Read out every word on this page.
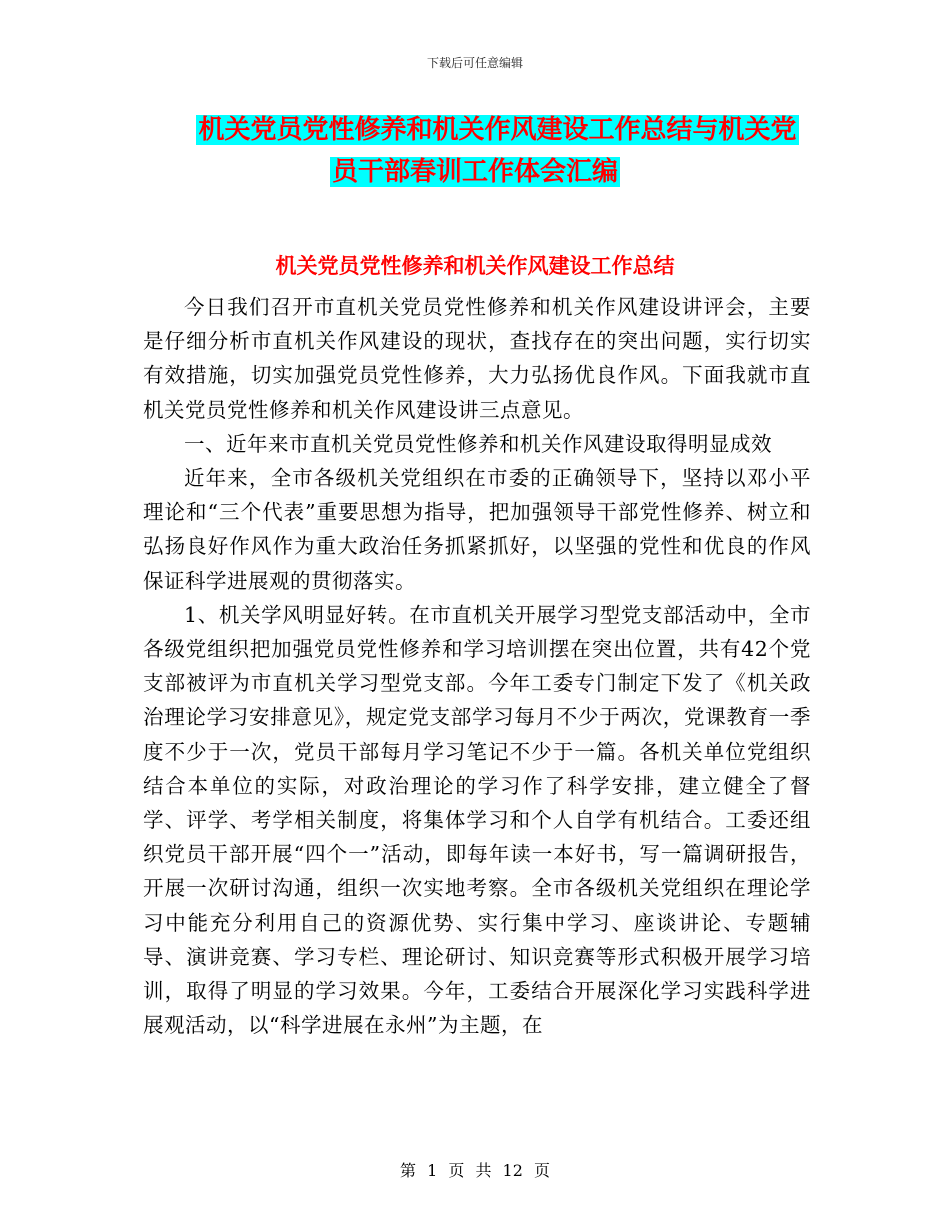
下载后可任意编辑
机关党员党性修养和机关作风建设工作总结与机关党
员干部春训工作体会汇编
机关党员党性修养和机关作风建设工作总结

今日我们召开市直机关党员党性修养和机关作风建设讲评会，主要是仔细分析市直机关作风建设的现状，查找存在的突出问题，实行切实有效措施，切实加强党员党性修养，大力弘扬优良作风。下面我就市直机关党员党性修养和机关作风建设讲三点意见。

一、近年来市直机关党员党性修养和机关作风建设取得明显成效

近年来，全市各级机关党组织在市委的正确领导下，坚持以邓小平理论和“三个代表”重要思想为指导，把加强领导干部党性修养、树立和弘扬良好作风作为重大政治任务抓紧抓好，以坚强的党性和优良的作风保证科学进展观的贯彻落实。

1、机关学风明显好转。在市直机关开展学习型党支部活动中，全市各级党组织把加强党员党性修养和学习培训摆在突出位置，共有42个党支部被评为市直机关学习型党支部。今年工委专门制定下发了《机关政治理论学习安排意见》，规定党支部学习每月不少于两次，党课教育一季度不少于一次，党员干部每月学习笔记不少于一篇。各机关单位党组织结合本单位的实际，对政治理论的学习作了科学安排，建立健全了督学、评学、考学相关制度，将集体学习和个人自学有机结合。工委还组织党员干部开展“四个一”活动，即每年读一本好书，写一篇调研报告，开展一次研讨沟通，组织一次实地考察。全市各级机关党组织在理论学习中能充分利用自己的资源优势、实行集中学习、座谈讲论、专题辅导、演讲竞赛、学习专栏、理论研讨、知识竞赛等形式积极开展学习培训，取得了明显的学习效果。今年，工委结合开展深化学习实践科学进展观活动，以“科学进展在永州”为主题，在

第 1 页 共 12 页
